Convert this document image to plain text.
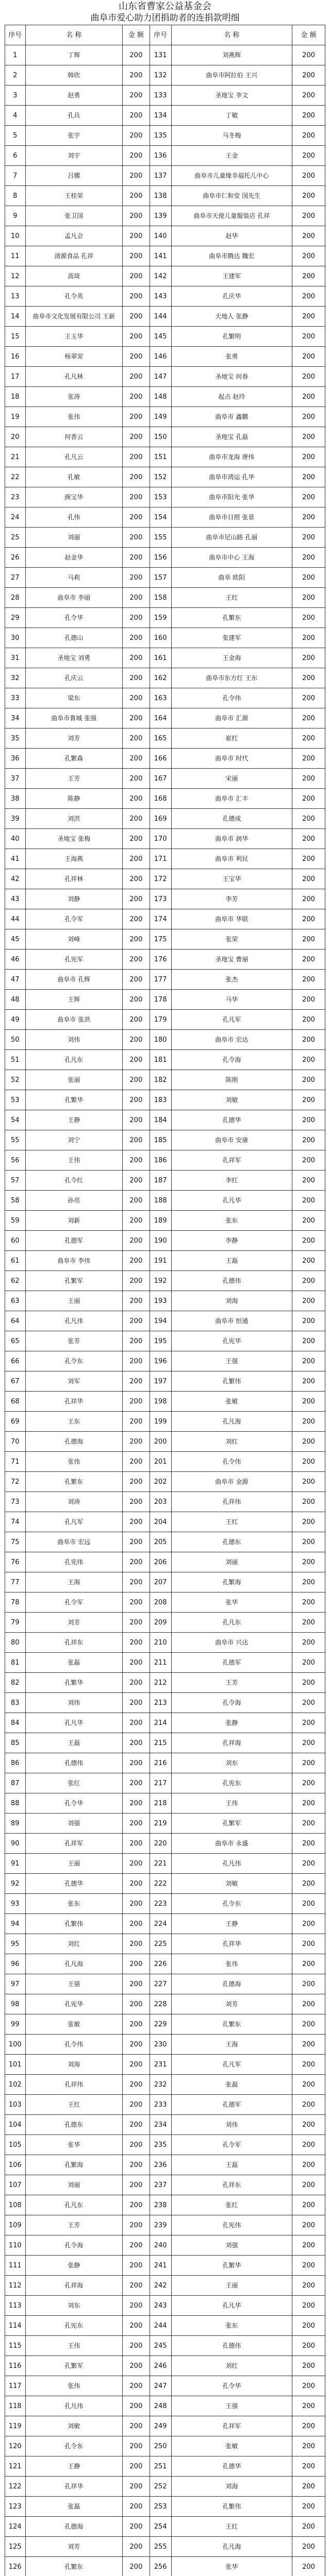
山东省曹家公益基金会
曲阜市爱心助力团捐助者的连捐款明细
序号	名 称	金 额	序号	名 称	金 额
1	丁辉	200	131	刘燕辉	200
2	韩欣	200	132	曲阜市阿拉伯 王兴	200
3	赵勇	200	133	圣地宝 李文	200
4	孔兵	200	134	丁敏	200
5	张宇	200	135	马冬梅	200
6	刘宇	200	136	王金	200
7	吕娜	200	137	曲阜市儿童缘幸福托儿中心	200
8	王桂荣	200	138	曲阜市仁和堂 国先生	200
9	张卫国	200	139	曲阜市天使儿童服装店 孔祥	200
10	孟凡会	200	140	赵华	200
11	清源食品 孔祥	200	141	曲阜市腾达 魏宏	200
12	高琦	200	142	王建军	200
13	孔令英	200	143	孔庆华	200
14	曲阜市文化发展有限公司 王新	200	144	天地人 张静	200
15	王玉华	200	145	孔繁明	200
16	杨翠荣	200	146	张勇	200
17	孔凡林	200	147	圣地宝 何春	200
18	张涛	200	148	起点 赵玲	200
19	张伟	200	149	曲阜市 鑫鹏	200
20	何香云	200	150	圣地宝 孔磊	200
21	孔凡云	200	151	曲阜市龙海 唐伟	200
22	孔敏	200	152	曲阜市鸿运 孔华	200
23	颜宝华	200	153	曲阜市阳光 张华	200
24	孔伟	200	154	曲阜市日照 张景	200
25	刘丽	200	155	曲阜市尼山路 孔丽	200
26	赵金华	200	156	曲阜市中心 王海	200
27	马莉	200	157	曲阜 欧阳	200
28	曲阜市 李丽	200	158	王红	200
29	孔令华	200	159	孔繁东	200
30	孔德山	200	160	张建军	200
31	圣地宝 刘勇	200	161	王金海	200
32	孔庆云	200	162	曲阜市东方红 王东	200
33	梁东	200	163	孔令伟	200
34	曲阜市鲁城 张强	200	164	曲阜市 汇源	200
35	刘芳	200	165	崔红	200
36	孔繁森	200	166	曲阜市 时代	200
37	王芳	200	167	宋丽	200
38	陈静	200	168	曲阜市 汇丰	200
39	刘洪	200	169	孔德成	200
40	圣地宝 张梅	200	170	曲阜市 润华	200
41	王海燕	200	171	曲阜市 利民	200
42	孔祥林	200	172	王宝华	200
43	刘静	200	173	李芳	200
44	孔令军	200	174	曲阜市 华联	200
45	刘峰	200	175	张荣	200
46	孔宪军	200	176	圣地宝 曹丽	200
47	曲阜市 孔辉	200	177	张杰	200
48	王辉	200	178	马华	200
49	曲阜市 张洪	200	179	孔凡军	200
50	刘伟	200	180	曲阜市 宏达	200
51	孔凡东	200	181	孔令海	200
52	张丽	200	182	陈刚	200
53	孔繁华	200	183	刘敏	200
54	王静	200	184	孔德华	200
55	刘宁	200	185	曲阜市 安康	200
56	王伟	200	186	孔祥军	200
57	孔令红	200	187	李红	200
58	孙亮	200	188	孔凡华	200
59	刘新	200	189	张东	200
60	孔德军	200	190	李静	200
61	曲阜市 李伟	200	191	王磊	200
62	孔繁军	200	192	孔德伟	200
63	王丽	200	193	刘海	200
64	孔凡伟	200	194	曲阜市 恒通	200
65	张芳	200	195	孔宪华	200
66	孔令东	200	196	王强	200
67	刘军	200	197	孔繁伟	200
68	孔祥华	200	198	张敏	200
69	王东	200	199	孔凡海	200
70	孔德海	200	200	刘红	200
71	张伟	200	201	孔令伟	200
72	孔繁东	200	202	曲阜市 金源	200
73	刘涛	200	203	孔祥伟	200
74	孔凡军	200	204	王红	200
75	曲阜市 宏远	200	205	孔德东	200
76	孔宪伟	200	206	刘丽	200
77	王海	200	207	孔繁海	200
78	孔令军	200	208	张华	200
79	刘芳	200	209	孔凡东	200
80	孔祥东	200	210	曲阜市 兴达	200
81	张磊	200	211	孔德军	200
82	孔繁华	200	212	王芳	200
83	刘伟	200	213	孔令海	200
84	孔凡华	200	214	张静	200
85	王磊	200	215	孔祥海	200
86	孔德伟	200	216	刘东	200
87	张红	200	217	孔宪东	200
88	孔令华	200	218	王伟	200
89	刘强	200	219	孔繁军	200
90	孔祥军	200	220	曲阜市 永盛	200
91	王丽	200	221	孔凡伟	200
92	孔德华	200	222	刘敏	200
93	张东	200	223	孔令东	200
94	孔繁伟	200	224	王静	200
95	刘红	200	225	孔祥华	200
96	孔凡海	200	226	张伟	200
97	王强	200	227	孔德海	200
98	孔宪华	200	228	刘芳	200
99	张敏	200	229	孔繁东	200
100	孔令伟	200	230	王海	200
101	刘海	200	231	孔凡军	200
102	孔祥伟	200	232	张磊	200
103	王红	200	233	孔德军	200
104	孔德东	200	234	刘伟	200
105	张华	200	235	孔令军	200
106	孔繁海	200	236	王磊	200
107	刘丽	200	237	孔祥东	200
108	孔凡东	200	238	张红	200
109	王芳	200	239	孔宪伟	200
110	孔令海	200	240	刘强	200
111	张静	200	241	孔繁华	200
112	孔祥海	200	242	王丽	200
113	刘东	200	243	孔凡华	200
114	孔宪东	200	244	张东	200
115	王伟	200	245	孔德伟	200
116	孔繁军	200	246	刘红	200
117	张伟	200	247	孔令华	200
118	孔凡伟	200	248	王强	200
119	刘敏	200	249	孔祥军	200
120	孔令东	200	250	张敏	200
121	王静	200	251	孔德华	200
122	孔祥华	200	252	刘海	200
123	张磊	200	253	孔繁伟	200
124	孔德海	200	254	王红	200
125	刘芳	200	255	孔凡海	200
126	孔繁东	200	256	张华	200
